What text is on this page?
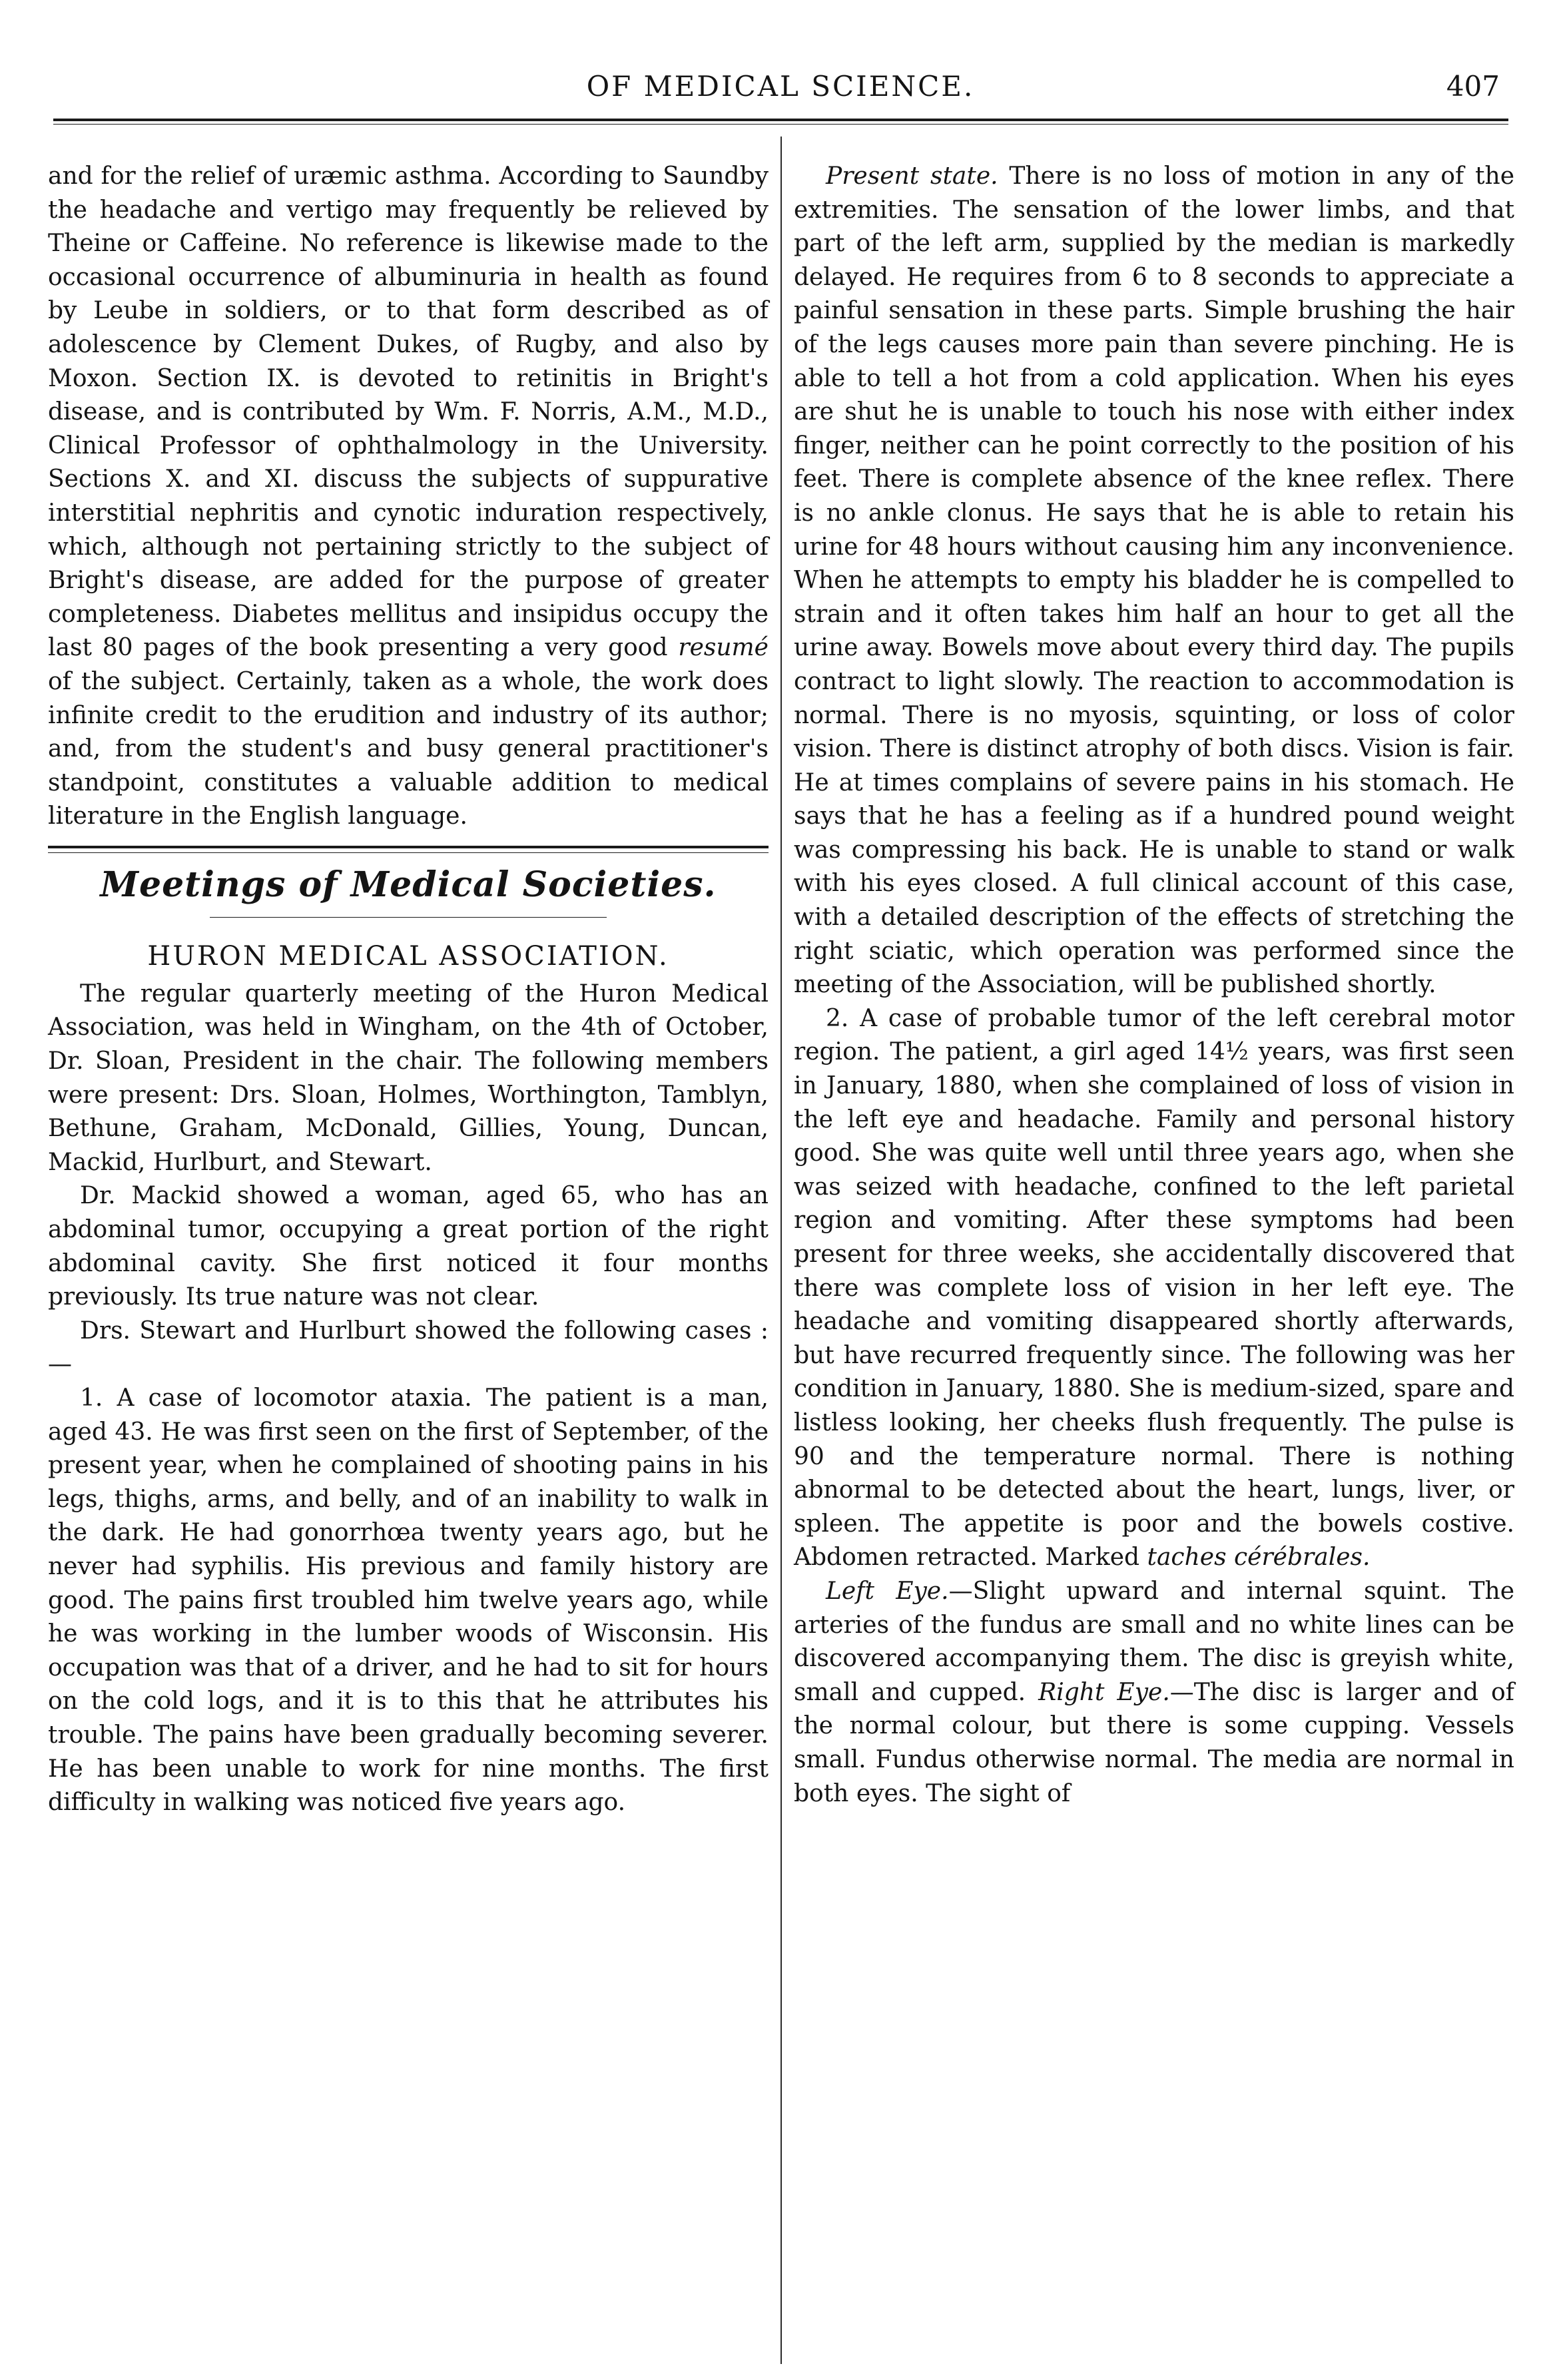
OF MEDICAL SCIENCE.	407

and for the relief of uræmic asthma. According to Saundby the headache and vertigo may frequently be relieved by Theine or Caffeine. No reference is likewise made to the occasional occurrence of albuminuria in health as found by Leube in soldiers, or to that form described as of adolescence by Clement Dukes, of Rugby, and also by Moxon. Section IX. is devoted to retinitis in Bright's disease, and is contributed by Wm. F. Norris, A.M., M.D., Clinical Professor of ophthalmology in the University. Sections X. and XI. discuss the subjects of suppurative interstitial nephritis and cynotic induration respectively, which, although not pertaining strictly to the subject of Bright's disease, are added for the purpose of greater completeness. Diabetes mellitus and insipidus occupy the last 80 pages of the book presenting a very good resumé of the subject. Certainly, taken as a whole, the work does infinite credit to the erudition and industry of its author; and, from the student's and busy general practitioner's standpoint, constitutes a valuable addition to medical literature in the English language.

Meetings of Medical Societies.
HURON MEDICAL ASSOCIATION.

The regular quarterly meeting of the Huron Medical Association, was held in Wingham, on the 4th of October, Dr. Sloan, President in the chair. The following members were present: Drs. Sloan, Holmes, Worthington, Tamblyn, Bethune, Graham, McDonald, Gillies, Young, Duncan, Mackid, Hurlburt, and Stewart.

Dr. Mackid showed a woman, aged 65, who has an abdominal tumor, occupying a great portion of the right abdominal cavity. She first noticed it four months previously. Its true nature was not clear.

Drs. Stewart and Hurlburt showed the following cases :—

1. A case of locomotor ataxia. The patient is a man, aged 43. He was first seen on the first of September, of the present year, when he complained of shooting pains in his legs, thighs, arms, and belly, and of an inability to walk in the dark. He had gonorrhœa twenty years ago, but he never had syphilis. His previous and family history are good. The pains first troubled him twelve years ago, while he was working in the lumber woods of Wisconsin. His occupation was that of a driver, and he had to sit for hours on the cold logs, and it is to this that he attributes his trouble. The pains have been gradually becoming severer. He has been unable to work for nine months. The first difficulty in walking was noticed five years ago.

Present state. There is no loss of motion in any of the extremities. The sensation of the lower limbs, and that part of the left arm, supplied by the median is markedly delayed. He requires from 6 to 8 seconds to appreciate a painful sensation in these parts. Simple brushing the hair of the legs causes more pain than severe pinching. He is able to tell a hot from a cold application. When his eyes are shut he is unable to touch his nose with either index finger, neither can he point correctly to the position of his feet. There is complete absence of the knee reflex. There is no ankle clonus. He says that he is able to retain his urine for 48 hours without causing him any inconvenience. When he attempts to empty his bladder he is compelled to strain and it often takes him half an hour to get all the urine away. Bowels move about every third day. The pupils contract to light slowly. The reaction to accommodation is normal. There is no myosis, squinting, or loss of color vision. There is distinct atrophy of both discs. Vision is fair. He at times complains of severe pains in his stomach. He says that he has a feeling as if a hundred pound weight was compressing his back. He is unable to stand or walk with his eyes closed. A full clinical account of this case, with a detailed description of the effects of stretching the right sciatic, which operation was performed since the meeting of the Association, will be published shortly.

2. A case of probable tumor of the left cerebral motor region. The patient, a girl aged 14½ years, was first seen in January, 1880, when she complained of loss of vision in the left eye and headache. Family and personal history good. She was quite well until three years ago, when she was seized with headache, confined to the left parietal region and vomiting. After these symptoms had been present for three weeks, she accidentally discovered that there was complete loss of vision in her left eye. The headache and vomiting disappeared shortly afterwards, but have recurred frequently since. The following was her condition in January, 1880. She is medium-sized, spare and listless looking, her cheeks flush frequently. The pulse is 90 and the temperature normal. There is nothing abnormal to be detected about the heart, lungs, liver, or spleen. The appetite is poor and the bowels costive. Abdomen retracted. Marked taches cérébrales.

Left Eye.—Slight upward and internal squint. The arteries of the fundus are small and no white lines can be discovered accompanying them. The disc is greyish white, small and cupped. Right Eye.—The disc is larger and of the normal colour, but there is some cupping. Vessels small. Fundus otherwise normal. The media are normal in both eyes. The sight of
